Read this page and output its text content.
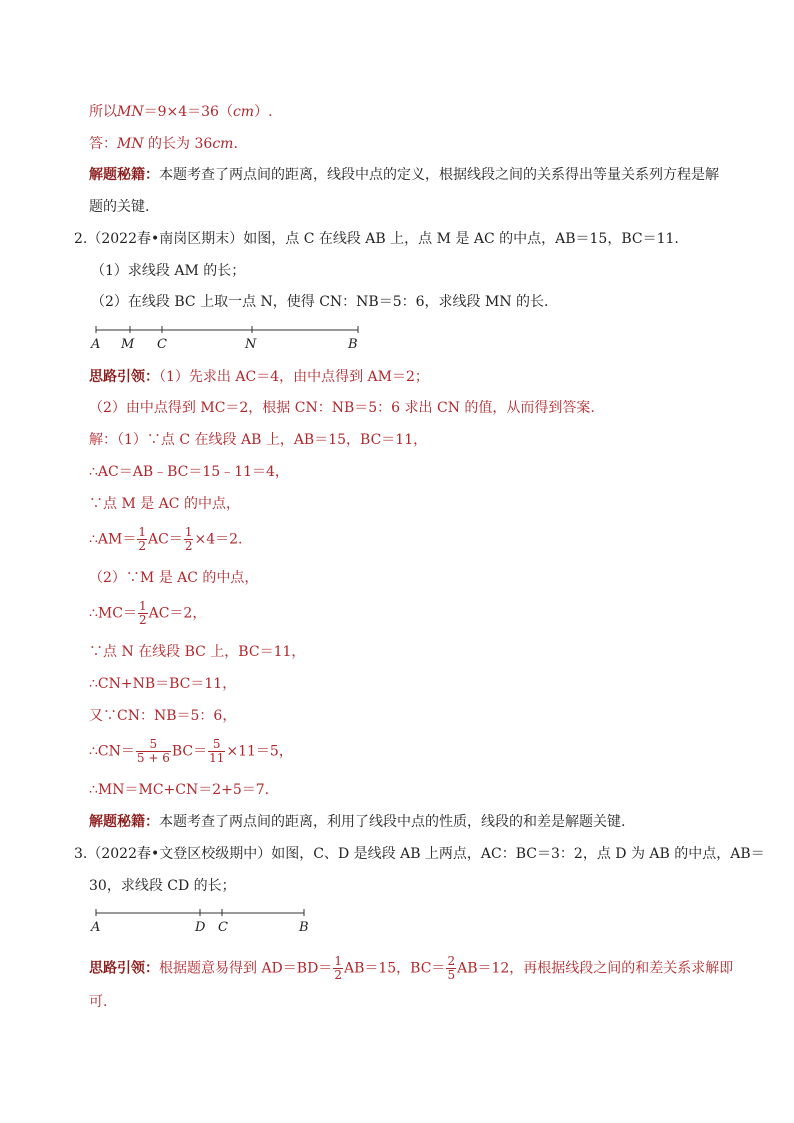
所以MN＝9×4＝36（cm）.
答：MN 的长为 36cm.
解题秘籍：本题考查了两点间的距离，线段中点的定义，根据线段之间的关系得出等量关系列方程是解
题的关键.
2.（2022春•南岗区期末）如图，点 C 在线段 AB 上，点 M 是 AC 的中点，AB＝15，BC＝11.
（1）求线段 AM 的长；
（2）在线段 BC 上取一点 N，使得 CN：NB＝5：6，求线段 MN 的长.
A M C	N	B
思路引领：（1）先求出 AC＝4，由中点得到 AM＝2；
（2）由中点得到 MC＝2，根据 CN：NB＝5：6 求出 CN 的值，从而得到答案.
解：（1）∵点 C 在线段 AB 上，AB＝15，BC＝11，
∴AC＝AB﹣BC＝15﹣11＝4，
∵点 M 是 AC 的中点，
∴AM＝ $\frac{1}{2} AC= \frac{1}{2} \times 4=2$.
（2）∵M 是 AC 的中点，
∴MC＝ $\frac{1}{2} AC=2$，
∵点 N 在线段 BC 上，BC＝11，
∴CN+NB＝BC＝11，
又∵CN：NB＝5：6，
∴CN＝ $\frac{5}{5 + 6} BC= \frac{5}{11} \times 11=5$，
∴MN＝MC+CN＝2+5＝7.
解题秘籍：本题考查了两点间的距离，利用了线段中点的性质，线段的和差是解题关键.
3.（2022春•文登区校级期中）如图，C、D 是线段 AB 上两点，AC：BC＝3：2，点 D 为 AB 的中点，AB＝
30，求线段 CD 的长；
A	D C	B
思路引领：根据题意易得到 $AD=BD= \frac{1}{2} AB=15$，$BC= \frac{2}{5} AB=12$，再根据线段之间的和差关系求解即
可.
